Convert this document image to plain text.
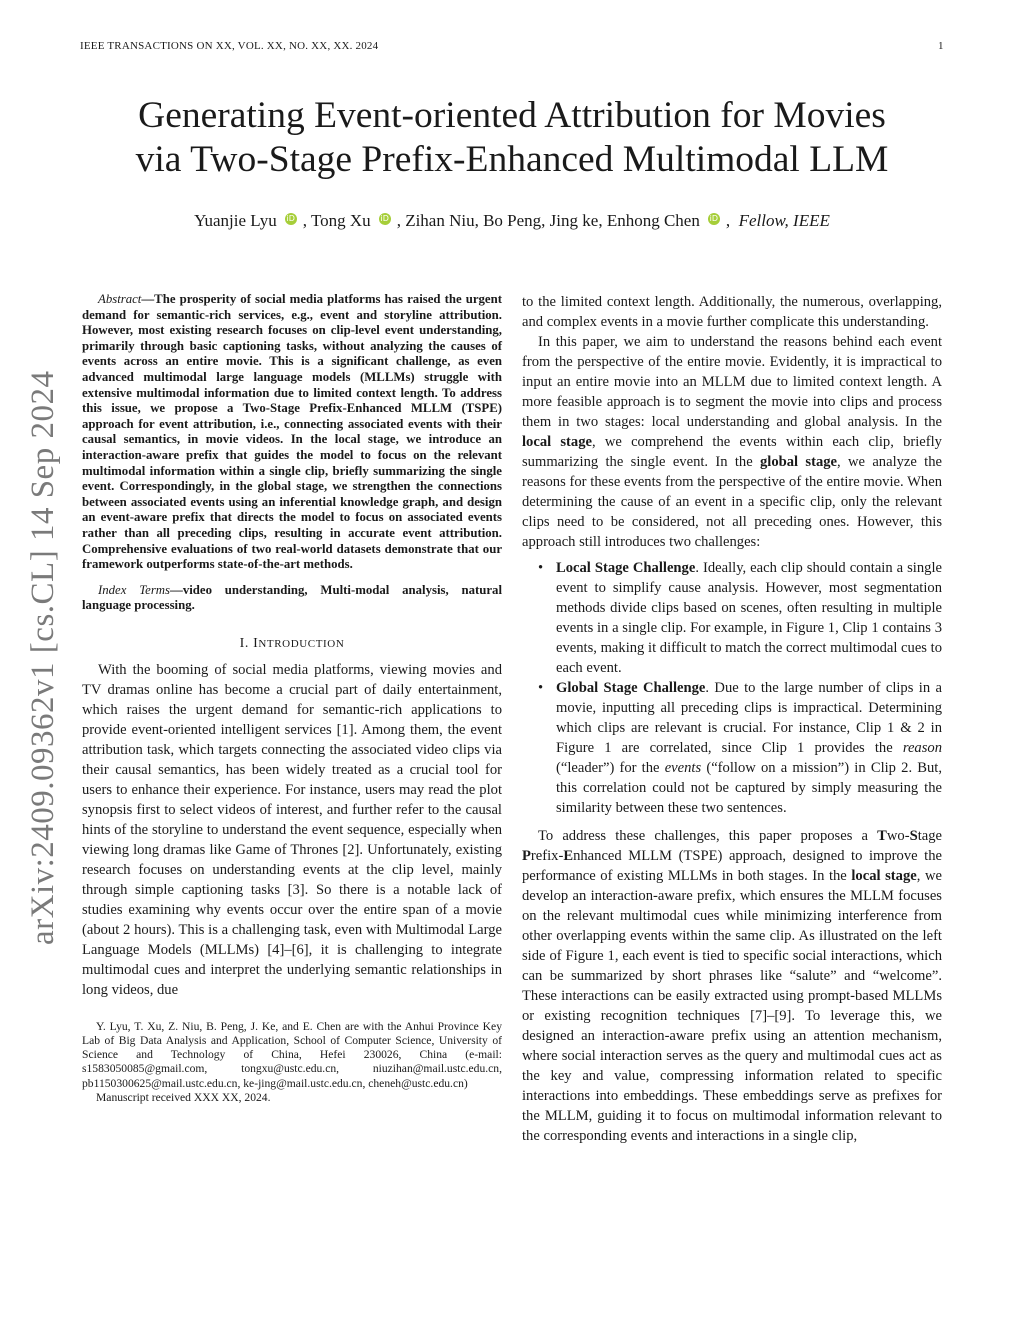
IEEE TRANSACTIONS ON XX, VOL. XX, NO. XX, XX. 2024	1
Generating Event-oriented Attribution for Movies
via Two-Stage Prefix-Enhanced Multimodal LLM
Yuanjie Lyu iD , Tong Xu iD , Zihan Niu, Bo Peng, Jing ke, Enhong Chen iD ,  Fellow, IEEE
arXiv:2409.09362v1 [cs.CL] 14 Sep 2024

Abstract—The prosperity of social media platforms has raised the urgent demand for semantic-rich services, e.g., event and storyline attribution. However, most existing research focuses on clip-level event understanding, primarily through basic captioning tasks, without analyzing the causes of events across an entire movie. This is a significant challenge, as even advanced multimodal large language models (MLLMs) struggle with extensive multimodal information due to limited context length. To address this issue, we propose a Two-Stage Prefix-Enhanced MLLM (TSPE) approach for event attribution, i.e., connecting associated events with their causal semantics, in movie videos. In the local stage, we introduce an interaction-aware prefix that guides the model to focus on the relevant multimodal information within a single clip, briefly summarizing the single event. Correspondingly, in the global stage, we strengthen the connections between associated events using an inferential knowledge graph, and design an event-aware prefix that directs the model to focus on associated events rather than all preceding clips, resulting in accurate event attribution. Comprehensive evaluations of two real-world datasets demonstrate that our framework outperforms state-of-the-art methods.

Index Terms—video understanding, Multi-modal analysis, natural language processing.

I. INTRODUCTION

With the booming of social media platforms, viewing movies and TV dramas online has become a crucial part of daily entertainment, which raises the urgent demand for semantic-rich applications to provide event-oriented intelligent services [1]. Among them, the event attribution task, which targets connecting the associated video clips via their causal semantics, has been widely treated as a crucial tool for users to enhance their experience. For instance, users may read the plot synopsis first to select videos of interest, and further refer to the causal hints of the storyline to understand the event sequence, especially when viewing long dramas like Game of Thrones [2]. Unfortunately, existing research focuses on understanding events at the clip level, mainly through simple captioning tasks [3]. So there is a notable lack of studies examining why events occur over the entire span of a movie (about 2 hours). This is a challenging task, even with Multimodal Large Language Models (MLLMs) [4]–[6], it is challenging to integrate multimodal cues and interpret the underlying semantic relationships in long videos, due

Y. Lyu, T. Xu, Z. Niu, B. Peng, J. Ke, and E. Chen are with the Anhui Province Key Lab of Big Data Analysis and Application, School of Computer Science, University of Science and Technology of China, Hefei 230026, China (e-mail: s1583050085@gmail.com, tongxu@ustc.edu.cn, niuzihan@mail.ustc.edu.cn, pb1150300625@mail.ustc.edu.cn, ke-jing@mail.ustc.edu.cn, cheneh@ustc.edu.cn)

Manuscript received XXX XX, 2024.

to the limited context length. Additionally, the numerous, overlapping, and complex events in a movie further complicate this understanding.

In this paper, we aim to understand the reasons behind each event from the perspective of the entire movie. Evidently, it is impractical to input an entire movie into an MLLM due to limited context length. A more feasible approach is to segment the movie into clips and process them in two stages: local understanding and global analysis. In the local stage, we comprehend the events within each clip, briefly summarizing the single event. In the global stage, we analyze the reasons for these events from the perspective of the entire movie. When determining the cause of an event in a specific clip, only the relevant clips need to be considered, not all preceding ones. However, this approach still introduces two challenges:

• Local Stage Challenge. Ideally, each clip should contain a single event to simplify cause analysis. However, most segmentation methods divide clips based on scenes, often resulting in multiple events in a single clip. For example, in Figure 1, Clip 1 contains 3 events, making it difficult to match the correct multimodal cues to each event.
• Global Stage Challenge. Due to the large number of clips in a movie, inputting all preceding clips is impractical. Determining which clips are relevant is crucial. For instance, Clip 1 & 2 in Figure 1 are correlated, since Clip 1 provides the reason (“leader”) for the events (“follow on a mission”) in Clip 2. But, this correlation could not be captured by simply measuring the similarity between these two sentences.

To address these challenges, this paper proposes a Two-Stage Prefix-Enhanced MLLM (TSPE) approach, designed to improve the performance of existing MLLMs in both stages. In the local stage, we develop an interaction-aware prefix, which ensures the MLLM focuses on the relevant multimodal cues while minimizing interference from other overlapping events within the same clip. As illustrated on the left side of Figure 1, each event is tied to specific social interactions, which can be summarized by short phrases like “salute” and “welcome”. These interactions can be easily extracted using prompt-based MLLMs or existing recognition techniques [7]–[9]. To leverage this, we designed an interaction-aware prefix using an attention mechanism, where social interaction serves as the query and multimodal cues act as the key and value, compressing information related to specific interactions into embeddings. These embeddings serve as prefixes for the MLLM, guiding it to focus on multimodal information relevant to the corresponding events and interactions in a single clip,
